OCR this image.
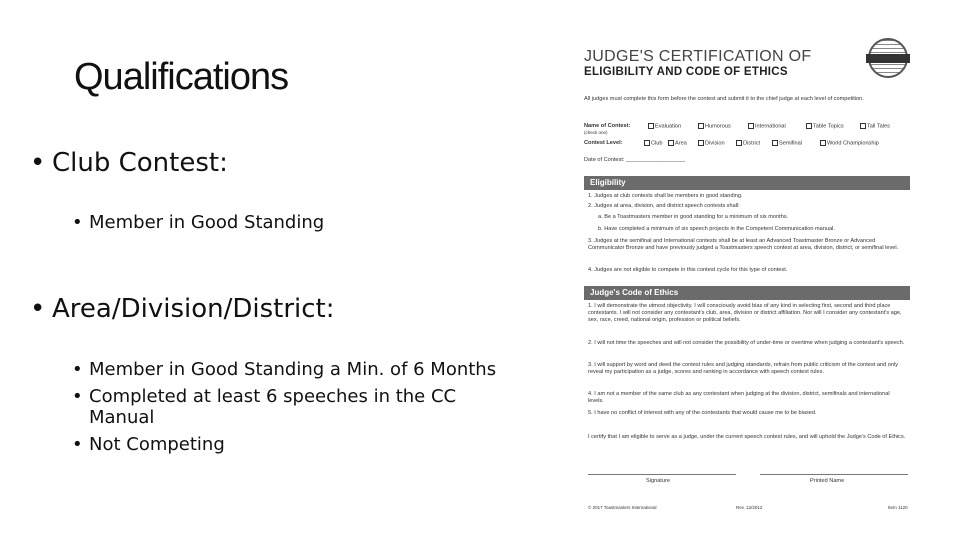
Qualifications
• Club Contest:
• Member in Good Standing
• Area/Division/District:
• Member in Good Standing a Min. of 6 Months
• Completed at least 6 speeches in the CC Manual
• Not Competing
JUDGE'S CERTIFICATION OF
ELIGIBILITY AND CODE OF ETHICS
All judges must complete this form before the contest and submit it to the chief judge at each level of competition.
Name of Contest:
(check one)
Evaluation	Humorous	International	Table Topics	Tall Tales
Contest Level:	Club	Area	Division	District	Semifinal	World Championship
Date of Contest: ___________________
Eligibility
1. Judges at club contests shall be members in good standing.
2. Judges at area, division, and district speech contests shall:
a. Be a Toastmasters member in good standing for a minimum of six months.
b. Have completed a minimum of six speech projects in the Competent Communication manual.
3. Judges at the semifinal and International contests shall be at least an Advanced Toastmaster Bronze or Advanced Communicator Bronze and have previously judged a Toastmasters speech contest at area, division, district, or semifinal level.
4. Judges are not eligible to compete in this contest cycle for this type of contest.
Judge's Code of Ethics
1. I will demonstrate the utmost objectivity. I will consciously avoid bias of any kind in selecting first, second and third place contestants. I will not consider any contestant's club, area, division or district affiliation. Nor will I consider any contestant's age, sex, race, creed, national origin, profession or political beliefs.
2. I will not time the speeches and will not consider the possibility of under-time or overtime when judging a contestant's speech.
3. I will support by word and deed the contest rules and judging standards, refrain from public criticism of the contest and only reveal my participation as a judge, scores and ranking in accordance with speech contest rules.
4. I am not a member of the same club as any contestant when judging at the division, district, semifinals and international levels.
5. I have no conflict of interest with any of the contestants that would cause me to be biased.
I certify that I am eligible to serve as a judge, under the current speech contest rules, and will uphold the Judge's Code of Ethics.
Signature	Printed Name
© 2017 Toastmasters International	Rev. 12/2012	Item 1120
